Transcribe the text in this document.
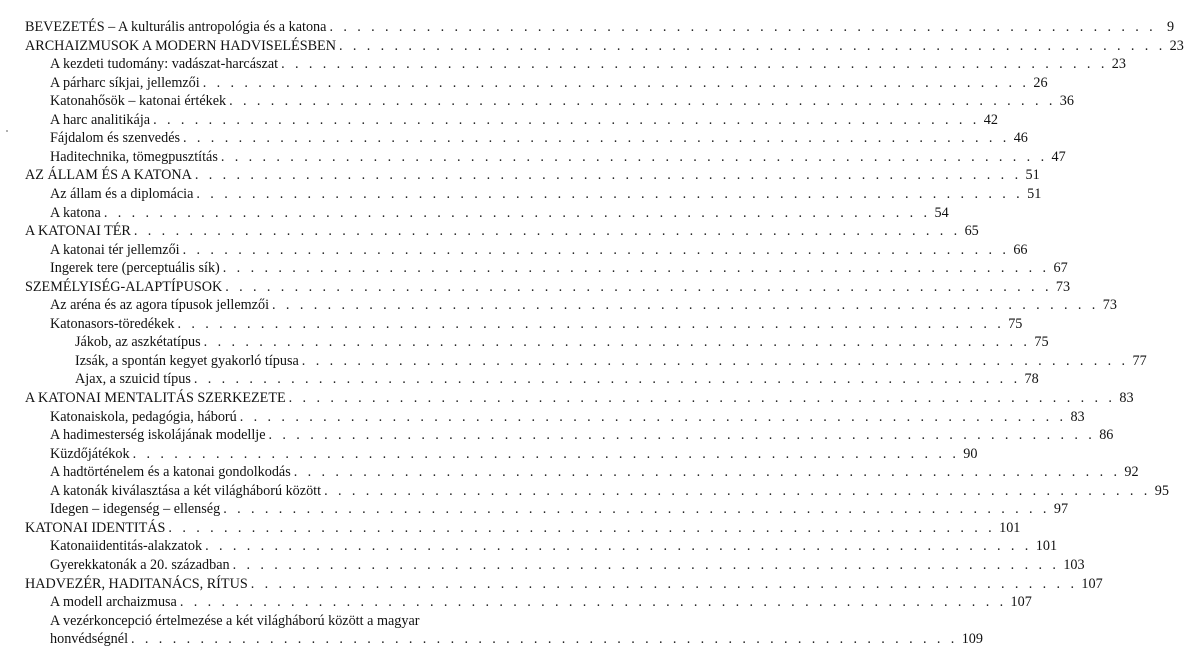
BEVEZETÉS – A kulturális antropológia és a katona . . . . . . . . . . . . . . . . . . . . . . . . . . . . . . . . . . . . . . . . . . . . . . . . . . . . . . . . . . . . 9
ARCHAIZMUSOK A MODERN HADVISELÉSBEN . . . . . . . . . . . . . . . . . . . . . . . . . . . . . . . . . . . . . . . . . . . . . . . . . . . . . . . . . . . . 23
A kezdeti tudomány: vadászat-harcászat . . . . . . . . . . . . . . . . . . . . . . . . . . . . . . . . . . . . . . . . . . . . . . . . . . . . . . . . . . . . 23
A párharc síkjai, jellemzői . . . . . . . . . . . . . . . . . . . . . . . . . . . . . . . . . . . . . . . . . . . . . . . . . . . . . . . . . . . . 26
Katonahősök – katonai értékek . . . . . . . . . . . . . . . . . . . . . . . . . . . . . . . . . . . . . . . . . . . . . . . . . . . . . . . . . . . . 36
A harc analitikája . . . . . . . . . . . . . . . . . . . . . . . . . . . . . . . . . . . . . . . . . . . . . . . . . . . . . . . . . . . . 42
Fájdalom és szenvedés . . . . . . . . . . . . . . . . . . . . . . . . . . . . . . . . . . . . . . . . . . . . . . . . . . . . . . . . . . . . 46
Haditechnika, tömegpusztítás . . . . . . . . . . . . . . . . . . . . . . . . . . . . . . . . . . . . . . . . . . . . . . . . . . . . . . . . . . . . 47
AZ ÁLLAM ÉS A KATONA . . . . . . . . . . . . . . . . . . . . . . . . . . . . . . . . . . . . . . . . . . . . . . . . . . . . . . . . . . . . 51
Az állam és a diplomácia . . . . . . . . . . . . . . . . . . . . . . . . . . . . . . . . . . . . . . . . . . . . . . . . . . . . . . . . . . . . 51
A katona . . . . . . . . . . . . . . . . . . . . . . . . . . . . . . . . . . . . . . . . . . . . . . . . . . . . . . . . . . . . 54
A KATONAI TÉR . . . . . . . . . . . . . . . . . . . . . . . . . . . . . . . . . . . . . . . . . . . . . . . . . . . . . . . . . . . . 65
A katonai tér jellemzői . . . . . . . . . . . . . . . . . . . . . . . . . . . . . . . . . . . . . . . . . . . . . . . . . . . . . . . . . . . . 66
Ingerek tere (perceptuális sík) . . . . . . . . . . . . . . . . . . . . . . . . . . . . . . . . . . . . . . . . . . . . . . . . . . . . . . . . . . . . 67
SZEMÉLYISÉG-ALAPTÍPUSOK . . . . . . . . . . . . . . . . . . . . . . . . . . . . . . . . . . . . . . . . . . . . . . . . . . . . . . . . . . . . 73
Az aréna és az agora típusok jellemzői . . . . . . . . . . . . . . . . . . . . . . . . . . . . . . . . . . . . . . . . . . . . . . . . . . . . . . . . . . . . 73
Katonasors-töredékek . . . . . . . . . . . . . . . . . . . . . . . . . . . . . . . . . . . . . . . . . . . . . . . . . . . . . . . . . . . . 75
Jákob, az aszkétatípus . . . . . . . . . . . . . . . . . . . . . . . . . . . . . . . . . . . . . . . . . . . . . . . . . . . . . . . . . . . . 75
Izsák, a spontán kegyet gyakorló típusa . . . . . . . . . . . . . . . . . . . . . . . . . . . . . . . . . . . . . . . . . . . . . . . . . . . . . . . . . . . . 77
Ajax, a szuicid típus . . . . . . . . . . . . . . . . . . . . . . . . . . . . . . . . . . . . . . . . . . . . . . . . . . . . . . . . . . . . 78
A KATONAI MENTALITÁS SZERKEZETE . . . . . . . . . . . . . . . . . . . . . . . . . . . . . . . . . . . . . . . . . . . . . . . . . . . . . . . . . . . . 83
Katonaiskola, pedagógia, háború . . . . . . . . . . . . . . . . . . . . . . . . . . . . . . . . . . . . . . . . . . . . . . . . . . . . . . . . . . . . 83
A hadimesterség iskolájának modellje . . . . . . . . . . . . . . . . . . . . . . . . . . . . . . . . . . . . . . . . . . . . . . . . . . . . . . . . . . . . 86
Küzdőjátékok . . . . . . . . . . . . . . . . . . . . . . . . . . . . . . . . . . . . . . . . . . . . . . . . . . . . . . . . . . . . 90
A hadtörténelem és a katonai gondolkodás . . . . . . . . . . . . . . . . . . . . . . . . . . . . . . . . . . . . . . . . . . . . . . . . . . . . . . . . . . . . 92
A katonák kiválasztása a két világháború között . . . . . . . . . . . . . . . . . . . . . . . . . . . . . . . . . . . . . . . . . . . . . . . . . . . . . . . . . . . . 95
Idegen – idegenség – ellenség . . . . . . . . . . . . . . . . . . . . . . . . . . . . . . . . . . . . . . . . . . . . . . . . . . . . . . . . . . . . 97
KATONAI IDENTITÁS . . . . . . . . . . . . . . . . . . . . . . . . . . . . . . . . . . . . . . . . . . . . . . . . . . . . . . . . . . . . 101
Katonaiidentitás-alakzatok . . . . . . . . . . . . . . . . . . . . . . . . . . . . . . . . . . . . . . . . . . . . . . . . . . . . . . . . . . . . 101
Gyerekkatonák a 20. században . . . . . . . . . . . . . . . . . . . . . . . . . . . . . . . . . . . . . . . . . . . . . . . . . . . . . . . . . . . . 103
HADVEZÉR, HADITANÁCS, RÍTUS . . . . . . . . . . . . . . . . . . . . . . . . . . . . . . . . . . . . . . . . . . . . . . . . . . . . . . . . . . . . 107
A modell archaizmusa . . . . . . . . . . . . . . . . . . . . . . . . . . . . . . . . . . . . . . . . . . . . . . . . . . . . . . . . . . . . 107
A vezérkoncepció értelmezése a két világháború között a magyar
honvédségnél . . . . . . . . . . . . . . . . . . . . . . . . . . . . . . . . . . . . . . . . . . . . . . . . . . . . . . . . . . . . 109
